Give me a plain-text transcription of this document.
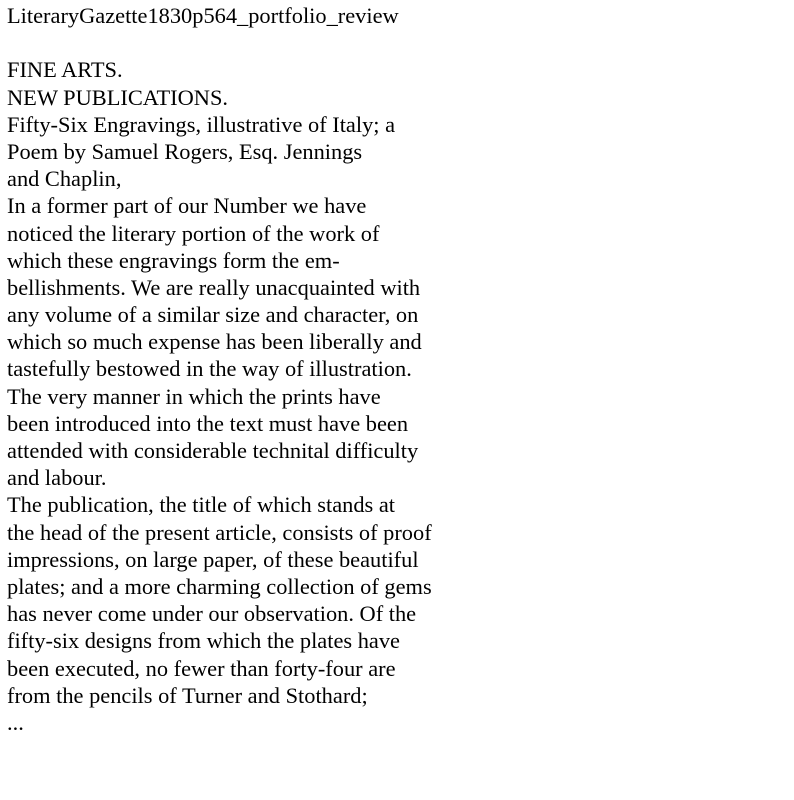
LiteraryGazette1830p564_portfolio_review
FINE ARTS.
NEW PUBLICATIONS.
Fifty-Six Engravings, illustrative of Italy; a
Poem by Samuel Rogers, Esq. Jennings
and Chaplin,
In a former part of our Number we have
noticed the literary portion of the work of
which these engravings form the em-
bellishments. We are really unacquainted with
any volume of a similar size and character, on
which so much expense has been liberally and
tastefully bestowed in the way of illustration.
The very manner in which the prints have
been introduced into the text must have been
attended with considerable technital difficulty
and labour.
The publication, the title of which stands at
the head of the present article, consists of proof
impressions, on large paper, of these beautiful
plates; and a more charming collection of gems
has never come under our observation. Of the
fifty-six designs from which the plates have
been executed, no fewer than forty-four are
from the pencils of Turner and Stothard;
...
